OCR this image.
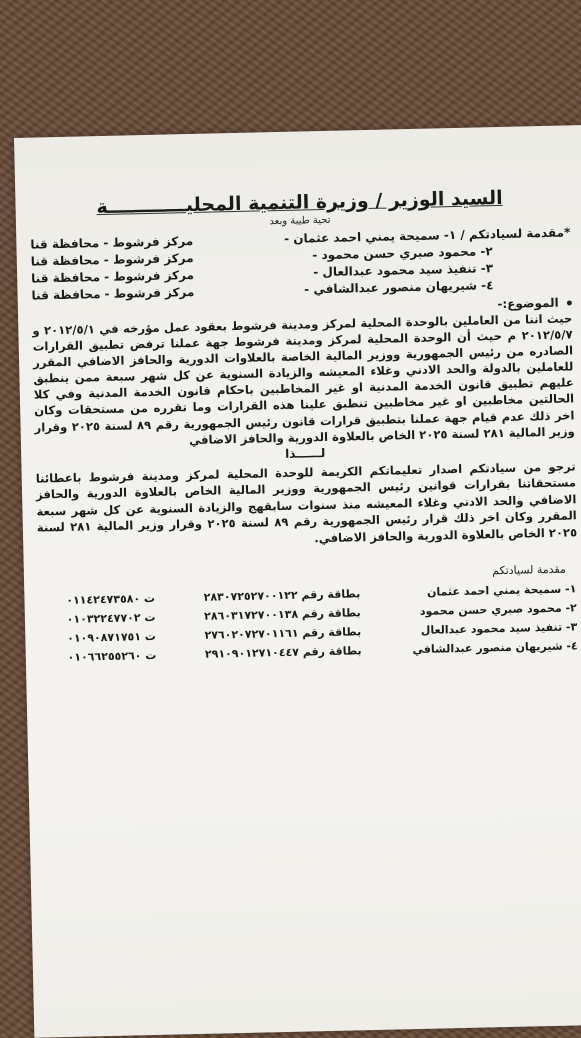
السيد الوزير / وزيرة التنمية المحليــــــــــــة
تحية طيبة وبعد
*مقدمة لسيادتكم / ١- سميحة يمني احمد عثمان -
مركز فرشوط - محافظة قنا
٢- محمود صبري حسن محمود -
مركز فرشوط - محافظة قنا
٣- تنفيذ سيد محمود عبدالعال -
مركز فرشوط - محافظة قنا
٤- شيريهان منصور عبدالشافي -
مركز فرشوط - محافظة قنا
الموضوع:-
حيث اننا من العاملين بالوحدة المحلية لمركز ومدينة فرشوط بعقود عمل مؤرخه في ٢٠١٢/٥/١ و ٢٠١٢/٥/٧ م حيث أن الوحدة المحلية لمركز ومدينة فرشوط جهة عملنا ترفض تطبيق القرارات الصادره من رئيس الجمهورية ووزير المالية الخاصة بالعلاوات الدورية والحافز الاضافي المقرر للعاملين بالدولة والحد الادني وغلاء المعيشه والزيادة السنوية عن كل شهر سبعة ممن ينطبق عليهم تطبيق قانون الخدمة المدنية او غير المخاطبين باحكام قانون الخدمة المدنية وفي كلا الحالتين مخاطبين او غير مخاطبين تنطبق علينا هذه القرارات وما تقرره من مستحقات وكان اخر ذلك عدم قيام جهة عملنا بتطبيق قرارات قانون رئيس الجمهورية رقم ٨٩ لسنة ٢٠٢٥ وقرار وزير المالية ٢٨١ لسنة ٢٠٢٥ الخاص بالعلاوة الدورية والحافز الاضافي
لــــــذا
ترجو من سيادتكم اصدار تعليماتكم الكريمة للوحدة المحلية لمركز ومدينة فرشوط باعطائنا مستحقاتنا بقرارات قوانين رئيس الجمهورية ووزير المالية الخاص بالعلاوة الدورية والحافز الاضافي والحد الادني وغلاء المعيشه منذ سنوات سابقهج والزيادة السنوية عن كل شهر سبعة المقرر وكان اخر ذلك قرار رئيس الجمهورية رقم ٨٩ لسنة ٢٠٢٥ وقرار وزير المالية ٢٨١ لسنة ٢٠٢٥ الخاص بالعلاوة الدورية والحافز الاضافي.
مقدمة لسيادتكم
١- سميحة يمني احمد عثمان	بطاقة رقم ٢٨٣٠٧٢٥٢٧٠٠١٢٢	ت ٠١١٤٢٤٧٣٥٨٠
٢- محمود صبري حسن محمود	بطاقة رقم ٢٨٦٠٣١٧٢٧٠٠١٣٨	ت ٠١٠٣٢٢٤٧٧٠٢
٣- تنفيذ سيد محمود عبدالعال	بطاقة رقم ٢٧٦٠٢٠٧٢٧٠١١٦١	ت ٠١٠٩٠٨٧١٧٥١
٤- شيريهان منصور عبدالشافي	بطاقة رقم ٢٩١٠٩٠١٢٧١٠٤٤٧	ت ٠١٠٦٦٢٥٥٢٦٠
